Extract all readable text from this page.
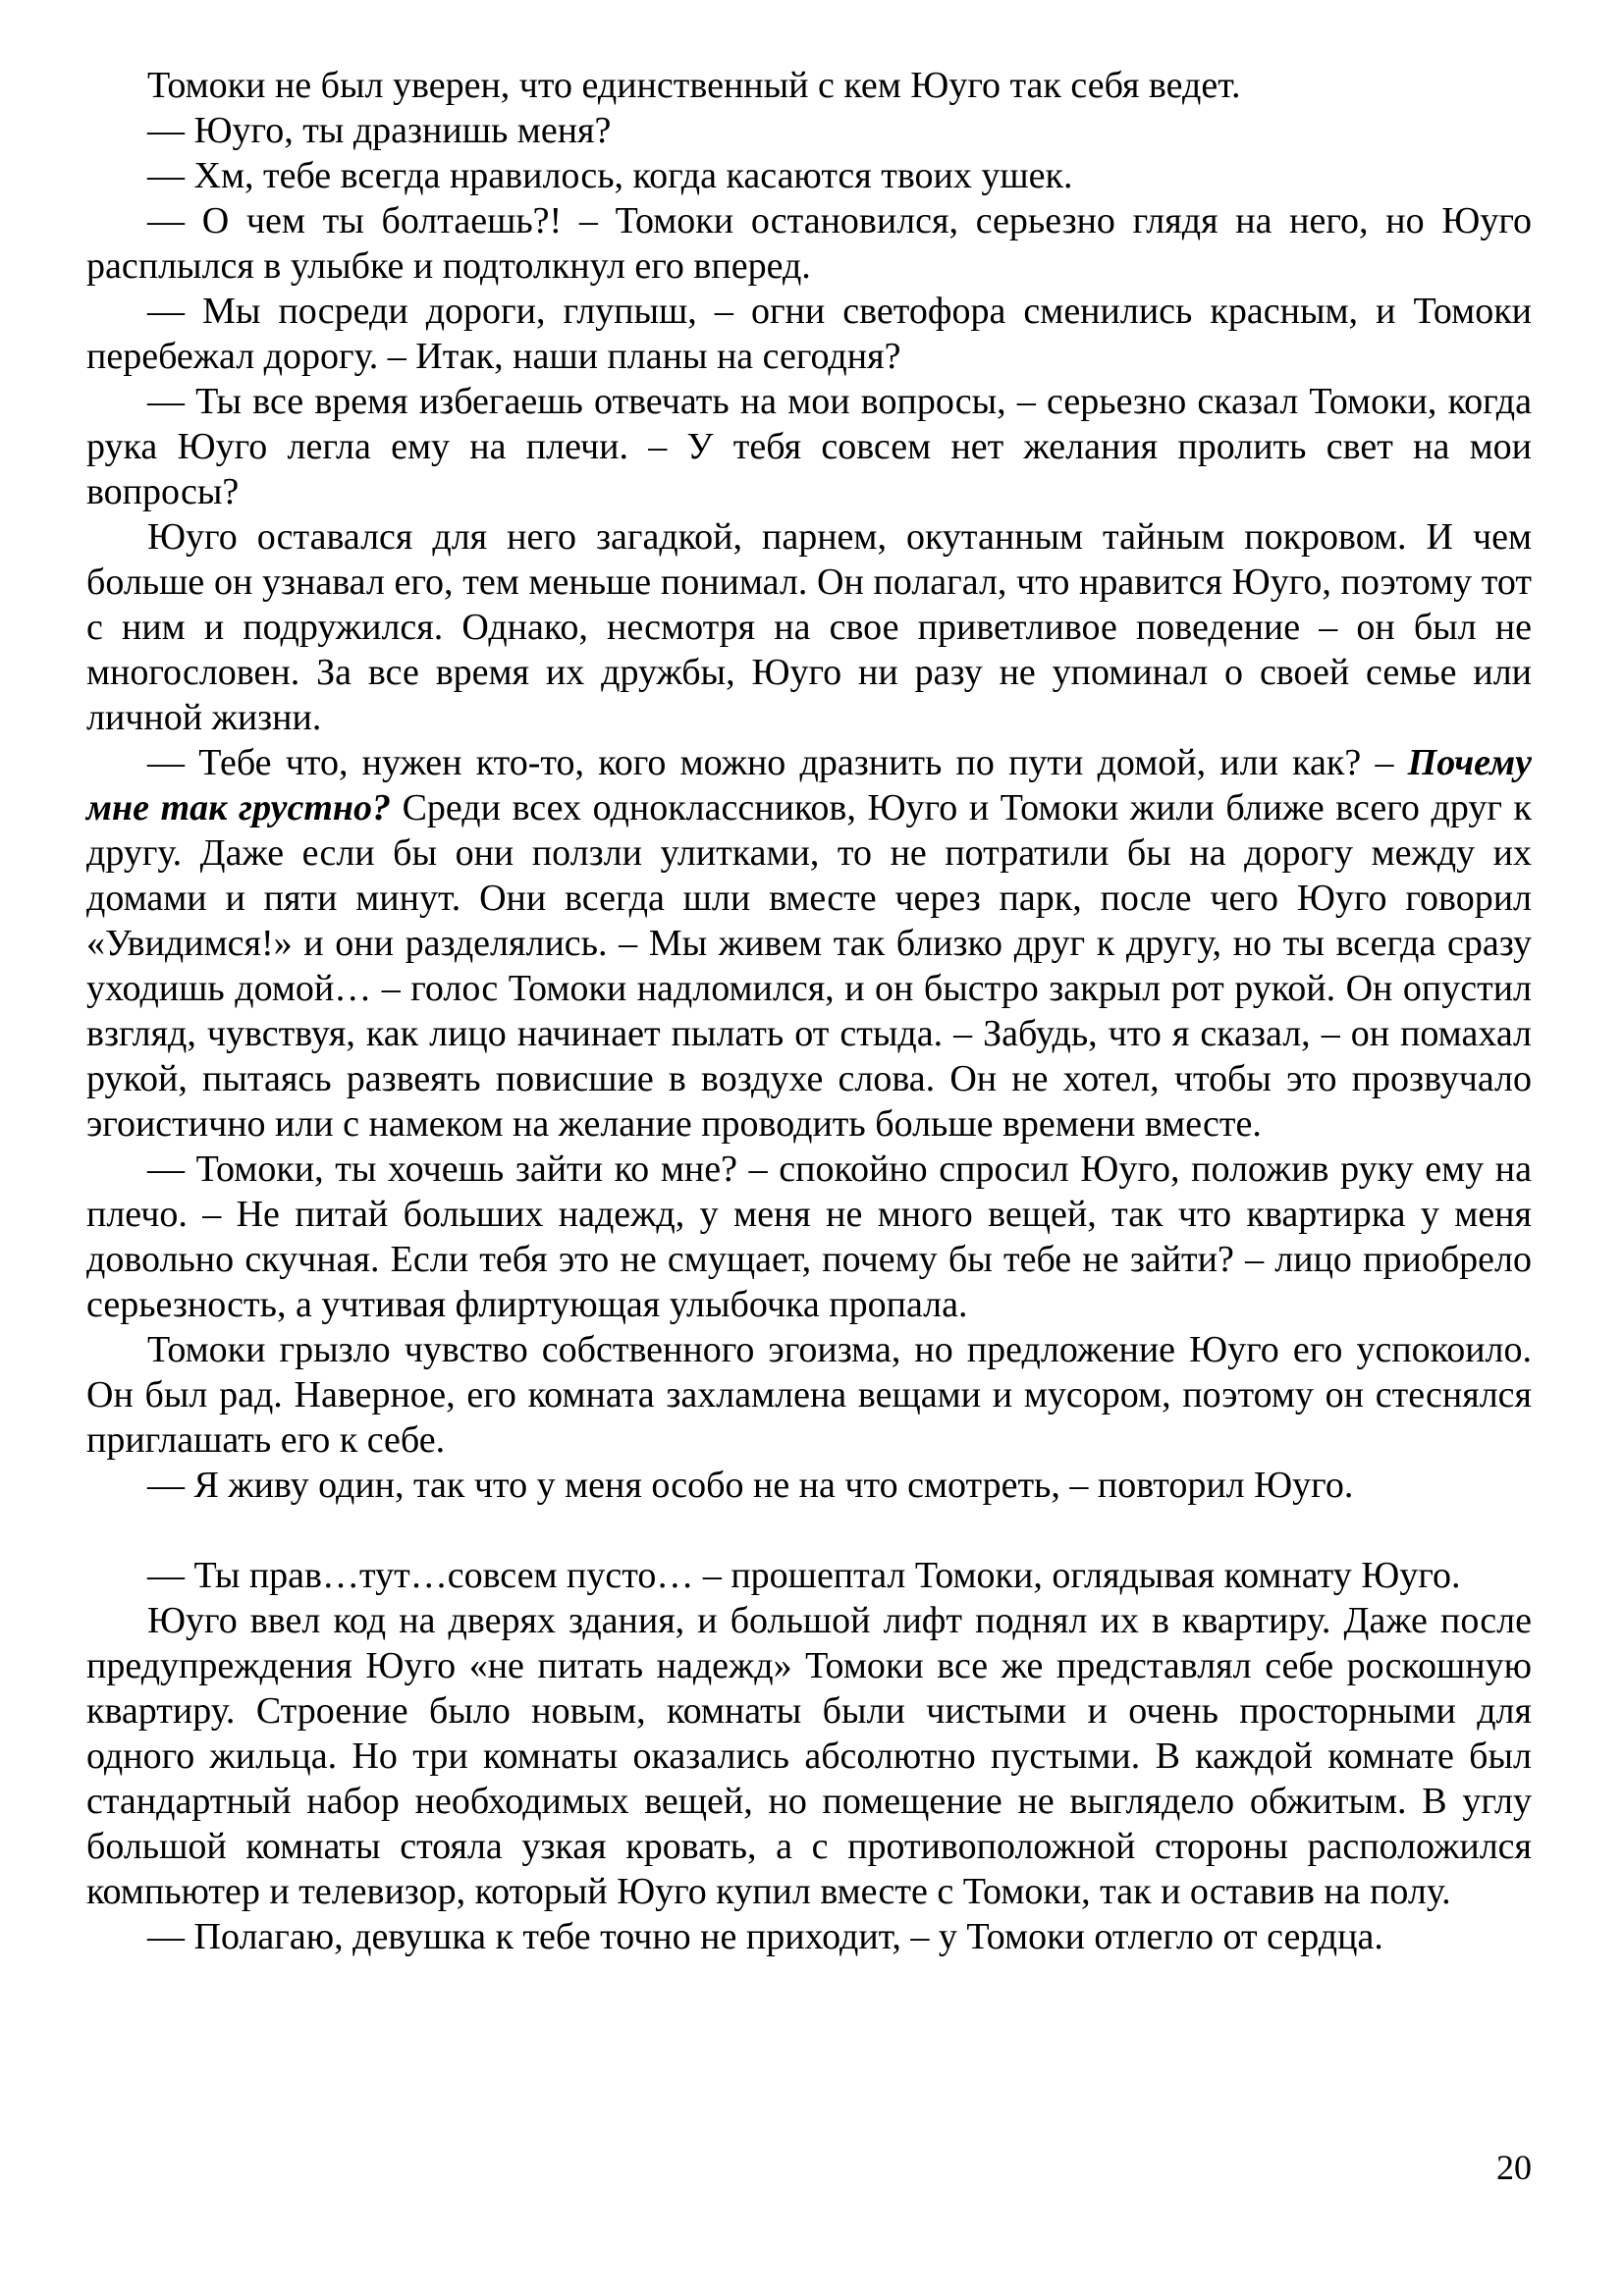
Томоки не был уверен, что единственный с кем Юуго так себя ведет.

— Юуго, ты дразнишь меня?

— Хм, тебе всегда нравилось, когда касаются твоих ушек.

— О чем ты болтаешь?! – Томоки остановился, серьезно глядя на него, но Юуго расплылся в улыбке и подтолкнул его вперед.

— Мы посреди дороги, глупыш, – огни светофора сменились красным, и Томоки перебежал дорогу. – Итак, наши планы на сегодня?

— Ты все время избегаешь отвечать на мои вопросы, – серьезно сказал Томоки, когда рука Юуго легла ему на плечи. – У тебя совсем нет желания пролить свет на мои вопросы?

Юуго оставался для него загадкой, парнем, окутанным тайным покровом. И чем больше он узнавал его, тем меньше понимал. Он полагал, что нравится Юуго, поэтому тот с ним и подружился. Однако, несмотря на свое приветливое поведение – он был не многословен. За все время их дружбы, Юуго ни разу не упоминал о своей семье или личной жизни.

— Тебе что, нужен кто-то, кого можно дразнить по пути домой, или как? – Почему мне так грустно? Среди всех одноклассников, Юуго и Томоки жили ближе всего друг к другу. Даже если бы они ползли улитками, то не потратили бы на дорогу между их домами и пяти минут. Они всегда шли вместе через парк, после чего Юуго говорил «Увидимся!» и они разделялись. – Мы живем так близко друг к другу, но ты всегда сразу уходишь домой… – голос Томоки надломился, и он быстро закрыл рот рукой. Он опустил взгляд, чувствуя, как лицо начинает пылать от стыда. – Забудь, что я сказал, – он помахал рукой, пытаясь развеять повисшие в воздухе слова. Он не хотел, чтобы это прозвучало эгоистично или с намеком на желание проводить больше времени вместе.

— Томоки, ты хочешь зайти ко мне? – спокойно спросил Юуго, положив руку ему на плечо. – Не питай больших надежд, у меня не много вещей, так что квартирка у меня довольно скучная. Если тебя это не смущает, почему бы тебе не зайти? – лицо приобрело серьезность, а учтивая флиртующая улыбочка пропала.

Томоки грызло чувство собственного эгоизма, но предложение Юуго его успокоило. Он был рад. Наверное, его комната захламлена вещами и мусором, поэтому он стеснялся приглашать его к себе.

— Я живу один, так что у меня особо не на что смотреть, – повторил Юуго.

— Ты прав…тут…совсем пусто… – прошептал Томоки, оглядывая комнату Юуго.

Юуго ввел код на дверях здания, и большой лифт поднял их в квартиру. Даже после предупреждения Юуго «не питать надежд» Томоки все же представлял себе роскошную квартиру. Строение было новым, комнаты были чистыми и очень просторными для одного жильца. Но три комнаты оказались абсолютно пустыми. В каждой комнате был стандартный набор необходимых вещей, но помещение не выглядело обжитым. В углу большой комнаты стояла узкая кровать, а с противоположной стороны расположился компьютер и телевизор, который Юуго купил вместе с Томоки, так и оставив на полу.

— Полагаю, девушка к тебе точно не приходит, – у Томоки отлегло от сердца.

20
